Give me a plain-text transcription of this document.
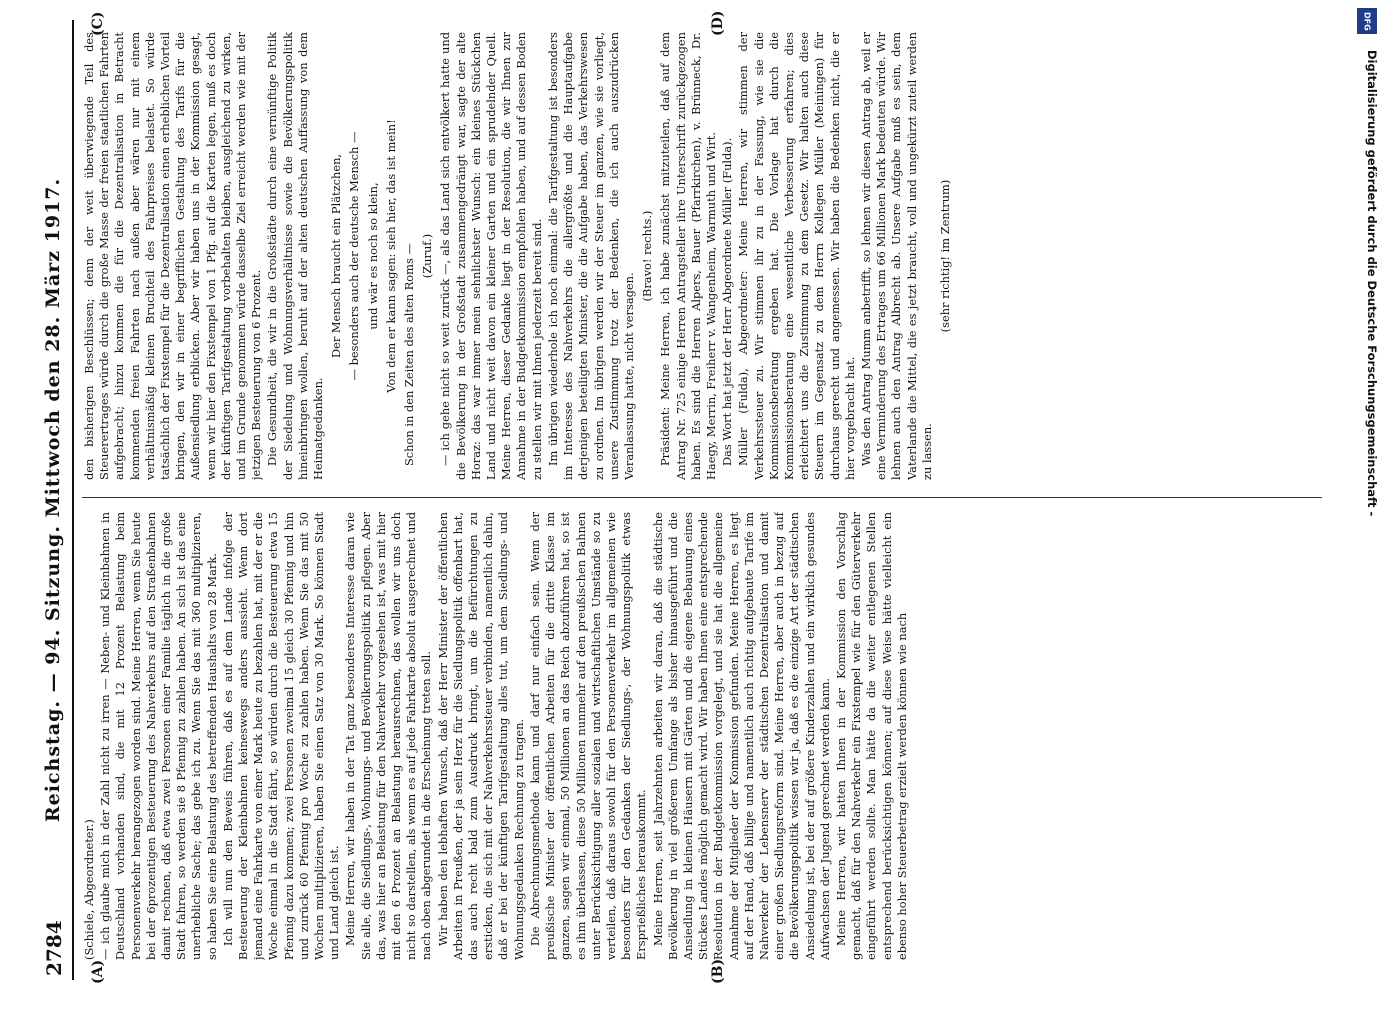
2784
Reichstag. — 94. Sitzung. Mittwoch den 28. März 1917.
(A)	(B)
(C)	(D)

(Schiele, Abgeordneter.) — ich glaube mich in der Zahl nicht zu irren — Neben- und Kleinbahnen in Deutschland vorhanden sind, die mit 12 Prozent Belastung beim Personenverkehr herangezogen worden sind. Meine Herren, wenn Sie heute bei der 6prozentigen Besteuerung des Nahverkehrs auf den Straßenbahnen damit rechnen, daß etwa zwei Personen einer Familie täglich in die große Stadt fahren, so werden sie 8 Pfennig zu zahlen haben. An sich ist das eine unerhebliche Sache; das gebe ich zu. Wenn Sie das mit 360 multiplizieren, so haben Sie eine Belastung des betreffenden Haushalts von 28 Mark. Ich will nun den Beweis führen, daß es auf dem Lande infolge der Besteuerung der Kleinbahnen keineswegs anders aussieht. Wenn dort jemand eine Fahrkarte von einer Mark heute zu bezahlen hat, mit der er die Woche einmal in die Stadt fährt, so würden durch die Besteuerung etwa 15 Pfennig dazu kommen; zwei Personen zweimal 15 gleich 30 Pfennig und hin und zurück 60 Pfennig pro Woche zu zahlen haben. Wenn Sie das mit 50 Wochen multiplizieren, haben Sie einen Satz von 30 Mark. So können Stadt und Land gleich ist. Meine Herren, wir haben in der Tat ganz besonderes Interesse daran wie Sie alle, die Siedlungs-, Wohnungs- und Bevölkerungspolitik zu pflegen. Aber das, was hier an Belastung für den Nahverkehr vorgesehen ist, was mit hier mit den 6 Prozent an Belastung herausrechnen, das wollen wir uns doch nicht so darstellen, als wenn es auf jede Fahrkarte absolut ausgerechnet und nach oben abgerundet in die Erscheinung treten soll. Wir haben den lebhaften Wunsch, daß der Herr Minister der öffentlichen Arbeiten in Preußen, der ja sein Herz für die Siedlungspolitik offenbart hat, das auch recht bald zum Ausdruck bringt, um die Befürchtungen zu ersticken, die sich mit der Nahverkehrssteuer verbinden, namentlich dahin, daß er bei der künftigen Tarifgestaltung alles tut, um dem Siedlungs- und Wohnungsgedanken Rechnung zu tragen. Die Abrechnungsmethode kann und darf nur einfach sein. Wenn der preußische Minister der öffentlichen Arbeiten für die dritte Klasse im ganzen, sagen wir einmal, 50 Millionen an das Reich abzuführen hat, so ist es ihm überlassen, diese 50 Millionen nunmehr auf den preußischen Bahnen unter Berücksichtigung aller sozialen und wirtschaftlichen Umstände so zu verteilen, daß daraus sowohl für den Personenverkehr im allgemeinen wie besonders für den Gedanken der Siedlungs-, der Wohnungspolitik etwas Ersprießliches herauskommt. Meine Herren, seit Jahrzehnten arbeiten wir daran, daß die städtische Bevölkerung in viel größerem Umfange als bisher hinausgeführt und die Ansiedlung in kleinen Häusern mit Gärten und die eigene Bebauung eines Stückes Landes möglich gemacht wird. Wir haben Ihnen eine entsprechende Resolution in der Budgetkommission vorgelegt, und sie hat die allgemeine Annahme der Mitglieder der Kommission gefunden. Meine Herren, es liegt auf der Hand, daß billige und namentlich auch richtig aufgebaute Tarife im Nahverkehr der Lebensnerv der städtischen Dezentralisation und damit einer großen Siedlungsreform sind. Meine Herren, aber auch in bezug auf die Bevölkerungspolitik wissen wir ja, daß es die einzige Art der städtischen Ansiedelung ist, bei der auf größere Kinderzahlen und ein wirklich gesundes Aufwachsen der Jugend gerechnet werden kann. Meine Herren, wir hatten Ihnen in der Kommission den Vorschlag gemacht, daß für den Nahverkehr ein Fixstempel wie für den Güterverkehr eingeführt werden sollte. Man hätte da die weiter entlegenen Stellen entsprechend berücksichtigen können; auf diese Weise hätte vielleicht ein ebenso hoher Steuerbetrag erzielt werden können wie nach

den bisherigen Beschlüssen; denn der weit überwiegende Teil des Steuerertrages würde durch die große Masse der freien staatlichen Fahrten aufgebracht; hinzu kommen die für die Dezentralisation in Betracht kommenden freien Fahrten nach außen aber wären nur mit einem verhältnismäßig kleinen Bruchteil des Fahrpreises belastet. So würde tatsächlich der Fixstempel für die Dezentralisation einen erheblichen Vorteil bringen, den wir in einer begrifflichen Gestaltung des Tarifs für die Außensiedlung erblicken. Aber wir haben uns in der Kommission gesagt, wenn wir hier den Fixstempel von 1 Pfg. auf die Karten legen, muß es doch der künftigen Tarifgestaltung vorbehalten bleiben, ausgleichend zu wirken, und im Grunde genommen würde dasselbe Ziel erreicht werden wie mit der jetzigen Besteuerung von 6 Prozent. Die Gesundheit, die wir in die Großstädte durch eine vernünftige Politik der Siedelung und Wohnungsverhältnisse sowie die Bevölkerungspolitik hineinbringen wollen, beruht auf der alten deutschen Auffassung von dem Heimatgedanken.

Der Mensch braucht ein Plätzchen, — besonders auch der deutsche Mensch — und wär es noch so klein, Von dem er kann sagen: sieh hier, das ist mein! Schon in den Zeiten des alten Roms — (Zuruf.) — ich gehe nicht so weit zurück —, als das Land sich entvölkert hatte und die Bevölkerung in der Großstadt zusammengedrängt war, sagte der alte Horaz: das war immer mein sehnlichster Wunsch: ein kleines Stückchen Land und nicht weit davon ein kleiner Garten und ein sprudelnder Quell. Meine Herren, dieser Gedanke liegt in der Resolution, die wir Ihnen zur Annahme in der Budgetkommission empfohlen haben, und auf dessen Boden zu stellen wir mit Ihnen jederzeit bereit sind. Im übrigen wiederhole ich noch einmal: die Tarifgestaltung ist besonders im Interesse des Nahverkehrs die allergrößte und die Hauptaufgabe derjenigen beteiligten Minister, die die Aufgabe haben, das Verkehrswesen zu ordnen. Im übrigen werden wir der Steuer im ganzen, wie sie vorliegt, unsere Zustimmung trotz der Bedenken, die ich auch auszudrücken Veranlassung hatte, nicht versagen.

(Bravo! rechts.) Präsident: Meine Herren, ich habe zunächst mitzuteilen, daß auf dem Antrag Nr. 725 einige Herren Antragsteller ihre Unterschrift zurückgezogen haben. Es sind die Herren Alpers, Bauer (Pfarrkirchen), v. Brünneck, Dr. Haegy, Merrin, Freiherr v. Wangenheim, Warmuth und Wirt. Das Wort hat jetzt der Herr Abgeordnete Müller (Fulda). Müller (Fulda), Abgeordneter: Meine Herren, wir stimmen der Verkehrssteuer zu. Wir stimmen ihr zu in der Fassung, wie sie die Kommissionsberatung ergeben hat. Die Vorlage hat durch die Kommissionsberatung eine wesentliche Verbesserung erfahren; dies erleichtert uns die Zustimmung zu dem Gesetz. Wir halten auch diese Steuern im Gegensatz zu dem Herrn Kollegen Müller (Meiningen) für durchaus gerecht und angemessen. Wir haben die Bedenken nicht, die er hier vorgebracht hat. Was den Antrag Mumm anbetrifft, so lehnen wir diesen Antrag ab, weil er eine Verminderung des Ertrages um 66 Millionen Mark bedeuten würde. Wir lehnen auch den Antrag Albrecht ab. Unsere Aufgabe muß es sein, dem Vaterlande die Mittel, die es jetzt braucht, voll und ungekürzt zuteil werden zu lassen.

(sehr richtig! im Zentrum)	Digitalisierung gefördert durch die Deutsche Forschungsgemeinschaft -
DFG
